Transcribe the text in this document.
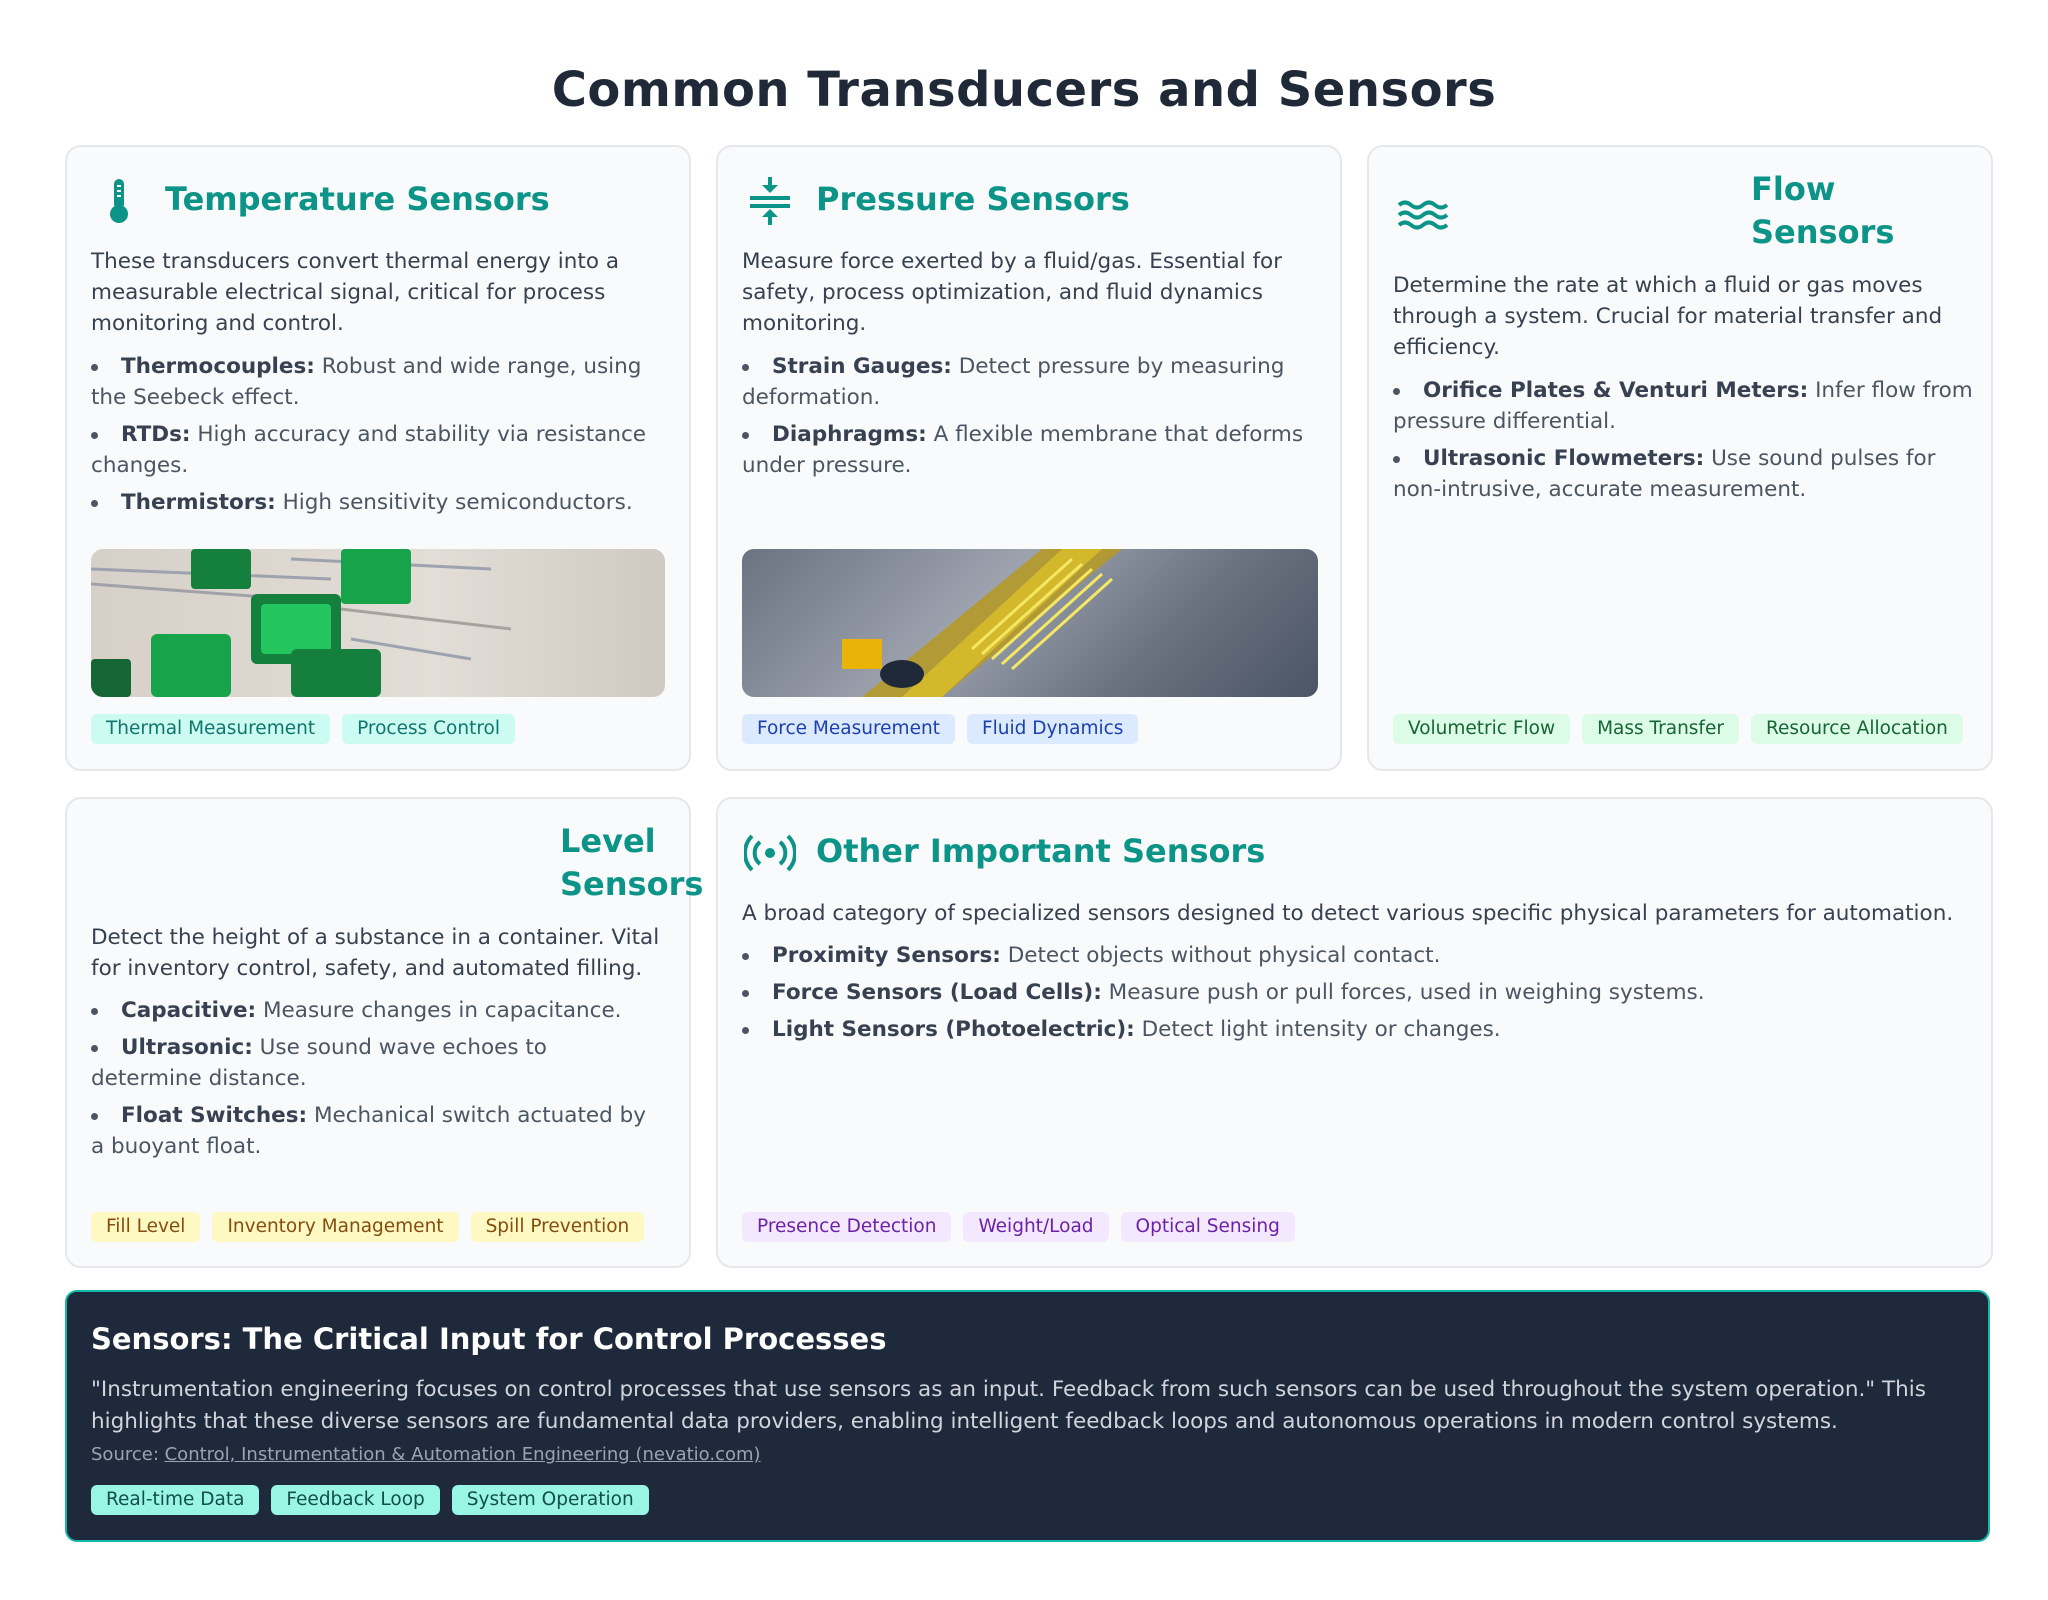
Common Transducers and Sensors
Temperature Sensors

These transducers convert thermal energy into a measurable electrical signal, critical for process monitoring and control.

Thermocouples: Robust and wide range, using the Seebeck effect.
RTDs: High accuracy and stability via resistance changes.
Thermistors: High sensitivity semiconductors.
Thermal Measurement	Process Control
Pressure Sensors

Measure force exerted by a fluid/gas. Essential for safety, process optimization, and fluid dynamics monitoring.

Strain Gauges: Detect pressure by measuring deformation.
Diaphragms: A flexible membrane that deforms under pressure.
Force Measurement	Fluid Dynamics
Flow
Sensors

Determine the rate at which a fluid or gas moves through a system. Crucial for material transfer and efficiency.

Orifice Plates & Venturi Meters: Infer flow from pressure differential.
Ultrasonic Flowmeters: Use sound pulses for non-intrusive, accurate measurement.
Volumetric Flow	Mass Transfer	Resource Allocation
Level
Sensors

Detect the height of a substance in a container. Vital for inventory control, safety, and automated filling.

Capacitive: Measure changes in capacitance.
Ultrasonic: Use sound wave echoes to determine distance.
Float Switches: Mechanical switch actuated by a buoyant float.
Fill Level	Inventory Management	Spill Prevention
Other Important Sensors

A broad category of specialized sensors designed to detect various specific physical parameters for automation.

Proximity Sensors: Detect objects without physical contact.
Force Sensors (Load Cells): Measure push or pull forces, used in weighing systems.
Light Sensors (Photoelectric): Detect light intensity or changes.
Presence Detection	Weight/Load	Optical Sensing
Sensors: The Critical Input for Control Processes

"Instrumentation engineering focuses on control processes that use sensors as an input. Feedback from such sensors can be used throughout the system operation." This highlights that these diverse sensors are fundamental data providers, enabling intelligent feedback loops and autonomous operations in modern control systems.

Source: Control, Instrumentation & Automation Engineering (nevatio.com)
Real-time Data	Feedback Loop	System Operation
